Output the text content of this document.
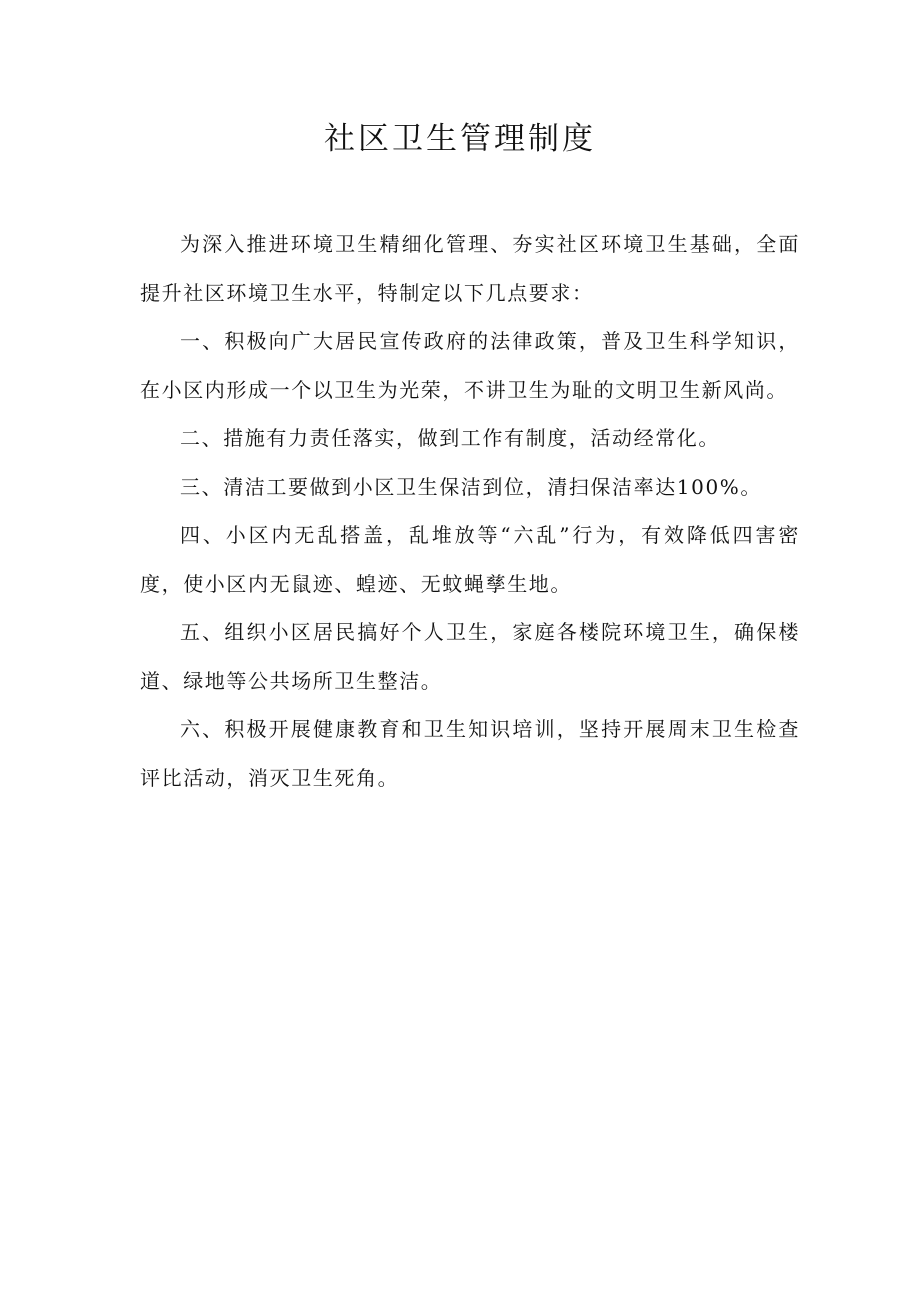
社区卫生管理制度

为深入推进环境卫生精细化管理、夯实社区环境卫生基础，全面提升社区环境卫生水平，特制定以下几点要求：

一、积极向广大居民宣传政府的法律政策，普及卫生科学知识，在小区内形成一个以卫生为光荣，不讲卫生为耻的文明卫生新风尚。

二、措施有力责任落实，做到工作有制度，活动经常化。

三、清洁工要做到小区卫生保洁到位，清扫保洁率达100%。

四、小区内无乱搭盖，乱堆放等“六乱”行为，有效降低四害密度，使小区内无鼠迹、蝗迹、无蚊蝇孳生地。

五、组织小区居民搞好个人卫生，家庭各楼院环境卫生，确保楼道、绿地等公共场所卫生整洁。

六、积极开展健康教育和卫生知识培训，坚持开展周末卫生检查评比活动，消灭卫生死角。
